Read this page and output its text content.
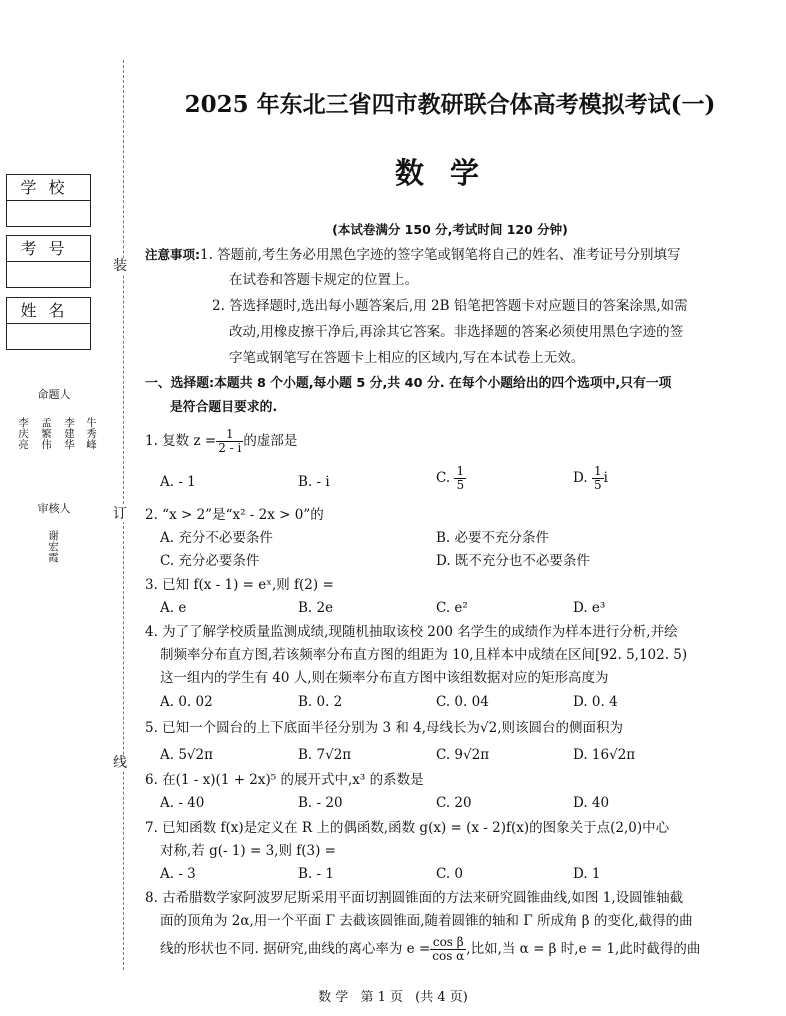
装
订
线
学校
考号
姓名
命题人
李
庆
亮
孟
繁
伟
李
建
华
牛
秀
峰
审核人
谢
宏
霞
2025 年东北三省四市教研联合体高考模拟考试(一)
数学
(本试卷满分 150 分,考试时间 120 分钟)
注意事项:1. 答题前,考生务必用黑色字迹的签字笔或钢笔将自己的姓名、准考证号分别填写
在试卷和答题卡规定的位置上。
2. 答选择题时,选出每小题答案后,用 2B 铅笔把答题卡对应题目的答案涂黑,如需
改动,用橡皮擦干净后,再涂其它答案。非选择题的答案必须使用黑色字迹的签
字笔或钢笔写在答题卡上相应的区域内,写在本试卷上无效。
一、选择题:本题共 8 个小题,每小题 5 分,共 40 分. 在每个小题给出的四个选项中,只有一项
是符合题目要求的.
1. 复数 $z = \frac{1}{2 - i}$ 的虚部是
A. - 1	B. - i	C. $\frac{1}{5}$	D. $\frac{1}{5}$ i
2. “x > 2”是“x² - 2x > 0”的
A. 充分不必要条件	B. 必要不充分条件
C. 充分必要条件	D. 既不充分也不必要条件
3. 已知 f(x - 1) = eˣ,则 f(2) =
A. e	B. 2e	C. e²	D. e³
4. 为了了解学校质量监测成绩,现随机抽取该校 200 名学生的成绩作为样本进行分析,并绘
制频率分布直方图,若该频率分布直方图的组距为 10,且样本中成绩在区间[92. 5,102. 5)
这一组内的学生有 40 人,则在频率分布直方图中该组数据对应的矩形高度为
A. 0. 02	B. 0. 2	C. 0. 04	D. 0. 4
5. 已知一个圆台的上下底面半径分别为 3 和 4,母线长为√2,则该圆台的侧面积为
A. 5√2π	B. 7√2π	C. 9√2π	D. 16√2π
6. 在(1 - x)(1 + 2x)⁵ 的展开式中,x³ 的系数是
A. - 40	B. - 20	C. 20	D. 40
7. 已知函数 f(x)是定义在 R 上的偶函数,函数 g(x) = (x - 2)f(x)的图象关于点(2,0)中心
对称,若 g(- 1) = 3,则 f(3) =
A. - 3	B. - 1	C. 0	D. 1
8. 古希腊数学家阿波罗尼斯采用平面切割圆锥面的方法来研究圆锥曲线,如图 1,设圆锥轴截
面的顶角为 2α,用一个平面 Γ 去截该圆锥面,随着圆锥的轴和 Γ 所成角 β 的变化,截得的曲
线的形状也不同. 据研究,曲线的离心率为 $e = \frac{\text{cos β}}{\text{cos α}}$ ,比如,当 α = β 时,e = 1,此时截得的曲
数 学 第 1 页 (共 4 页)
